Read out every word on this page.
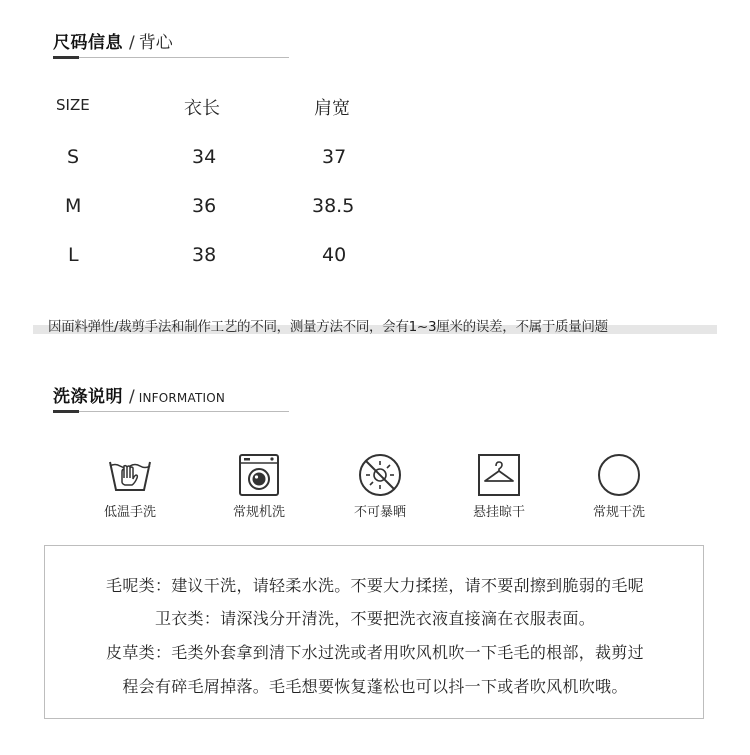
尺码信息 / 背心
SIZE	衣长	肩宽
S	34	37
M	36	38.5
L	38	40
因面料弹性/裁剪手法和制作工艺的不同，测量方法不同，会有1~3厘米的误差，不属于质量问题
洗涤说明 / INFORMATION
低温手洗	常规机洗	不可暴晒	悬挂晾干	常规干洗
毛呢类：建议干洗，请轻柔水洗。不要大力揉搓，请不要刮擦到脆弱的毛呢
卫衣类：请深浅分开清洗，不要把洗衣液直接滴在衣服表面。
皮草类：毛类外套拿到清下水过洗或者用吹风机吹一下毛毛的根部，裁剪过
程会有碎毛屑掉落。毛毛想要恢复蓬松也可以抖一下或者吹风机吹哦。
